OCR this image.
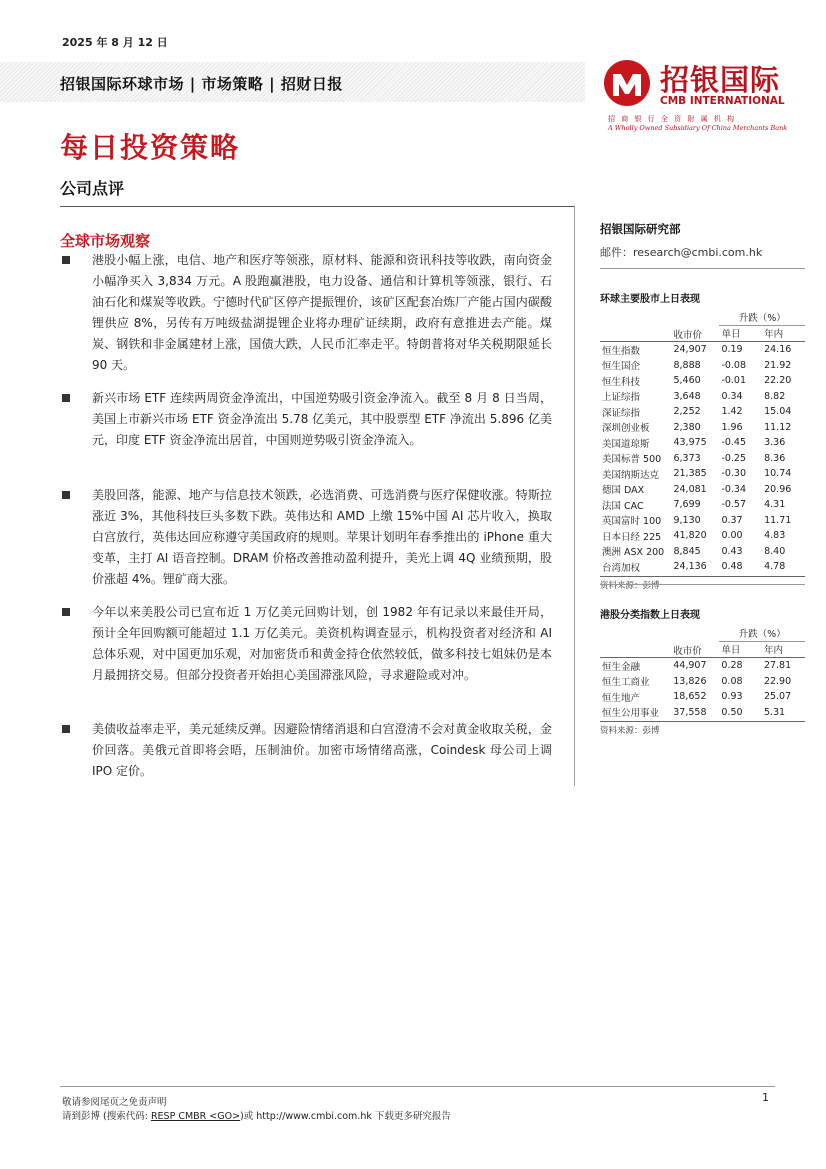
2025 年 8 月 12 日
招银国际环球市场 | 市场策略 | 招财日报	招银国际
CMB INTERNATIONAL
招 商 银 行 全 资 附 属 机 构
A Wholly Owned Subsidiary Of China Merchants Bank
每日投资策略
公司点评
全球市场观察
港股小幅上涨，电信、地产和医疗等领涨，原材料、能源和资讯科技等收跌，南向资金小幅净买入 3,834 万元。A 股跑赢港股，电力设备、通信和计算机等领涨，银行、石油石化和煤炭等收跌。宁德时代矿区停产提振锂价，该矿区配套冶炼厂产能占国内碳酸锂供应 8%，另传有万吨级盐湖提锂企业将办理矿证续期，政府有意推进去产能。煤炭、钢铁和非金属建材上涨，国债大跌，人民币汇率走平。特朗普将对华关税期限延长 90 天。
新兴市场 ETF 连续两周资金净流出，中国逆势吸引资金净流入。截至 8 月 8 日当周，美国上市新兴市场 ETF 资金净流出 5.78 亿美元，其中股票型 ETF 净流出 5.896 亿美元，印度 ETF 资金净流出居首，中国则逆势吸引资金净流入。
美股回落，能源、地产与信息技术领跌，必选消费、可选消费与医疗保健收涨。特斯拉涨近 3%，其他科技巨头多数下跌。英伟达和 AMD 上缴 15%中国 AI 芯片收入，换取白宫放行，英伟达回应称遵守美国政府的规则。苹果计划明年春季推出的 iPhone 重大变革，主打 AI 语音控制。DRAM 价格改善推动盈利提升，美光上调 4Q 业绩预期，股价涨超 4%。锂矿商大涨。
今年以来美股公司已宣布近 1 万亿美元回购计划，创 1982 年有记录以来最佳开局，预计全年回购额可能超过 1.1 万亿美元。美资机构调查显示，机构投资者对经济和 AI 总体乐观，对中国更加乐观，对加密货币和黄金持仓依然较低，做多科技七姐妹仍是本月最拥挤交易。但部分投资者开始担心美国滞涨风险，寻求避险或对冲。
美债收益率走平，美元延续反弹。因避险情绪消退和白宫澄清不会对黄金收取关税，金价回落。美俄元首即将会晤，压制油价。加密市场情绪高涨，Coindesk 母公司上调 IPO 定价。
招银国际研究部
邮件：research@cmbi.com.hk
环球主要股市上日表现
	收市价	升跌（%）	
		单日	年内
恒生指数	24,907	0.19	24.16
恒生国企	8,888	-0.08	21.92
恒生科技	5,460	-0.01	22.20
上证综指	3,648	0.34	8.82
深证综指	2,252	1.42	15.04
深圳创业板	2,380	1.96	11.12
美国道琼斯	43,975	-0.45	3.36
美国标普 500	6,373	-0.25	8.36
美国纳斯达克	21,385	-0.30	10.74
德国 DAX	24,081	-0.34	20.96
法国 CAC	7,699	-0.57	4.31
英国富时 100	9,130	0.37	11.71
日本日经 225	41,820	0.00	4.83
澳洲 ASX 200	8,845	0.43	8.40
台湾加权	24,136	0.48	4.78
资料来源：彭博
港股分类指数上日表现
	收市价	升跌（%）	
		单日	年内
恒生金融	44,907	0.28	27.81
恒生工商业	13,826	0.08	22.90
恒生地产	18,652	0.93	25.07
恒生公用事业	37,558	0.50	5.31
资料来源：彭博
敬请参阅尾页之免责声明
请到彭博 (搜索代码: RESP CMBR <GO>)或 http://www.cmbi.com.hk 下载更多研究报告
1
